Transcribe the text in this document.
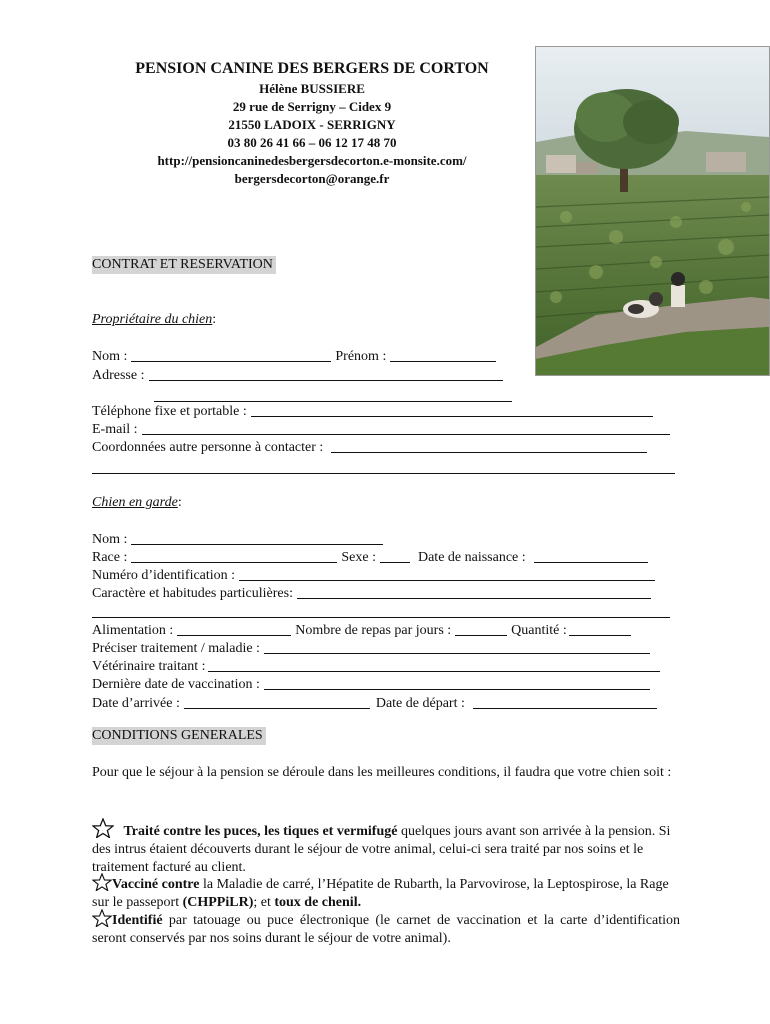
PENSION CANINE DES BERGERS DE CORTON
Hélène BUSSIERE
29 rue de Serrigny – Cidex 9
21550 LADOIX - SERRIGNY
03 80 26 41 66 – 06 12 17 48 70
http://pensioncaninedesbergersdecorton.e-monsite.com/
bergersdecorton@orange.fr
CONTRAT ET RESERVATION
Propriétaire du chien :
Nom :	Prénom :
Adresse :
Téléphone fixe et portable :
E-mail :
Coordonnées autre personne à contacter :
Chien en garde :
Nom :
Race :	Sexe :	Date de naissance :
Numéro d’identification :
Caractère et habitudes particulières:
Alimentation :	Nombre de repas par jours :	Quantité :
Préciser traitement / maladie :
Vétérinaire traitant :
Dernière date de vaccination :
Date d’arrivée :	Date de départ :
CONDITIONS GENERALES
Pour que le séjour à la pension se déroule dans les meilleures conditions, il faudra que votre chien soit :
Traité contre les puces, les tiques et vermifugé quelques jours avant son arrivée à la pension. Si des intrus étaient découverts durant le séjour de votre animal, celui-ci sera traité par nos soins et le traitement facturé au client.
Vacciné contre la Maladie de carré, l’Hépatite de Rubarth, la Parvovirose, la Leptospirose, la Rage sur le passeport (CHPPiLR); et toux de chenil.
Identifié par tatouage ou puce électronique (le carnet de vaccination et la carte d’identification seront conservés par nos soins durant le séjour de votre animal).
